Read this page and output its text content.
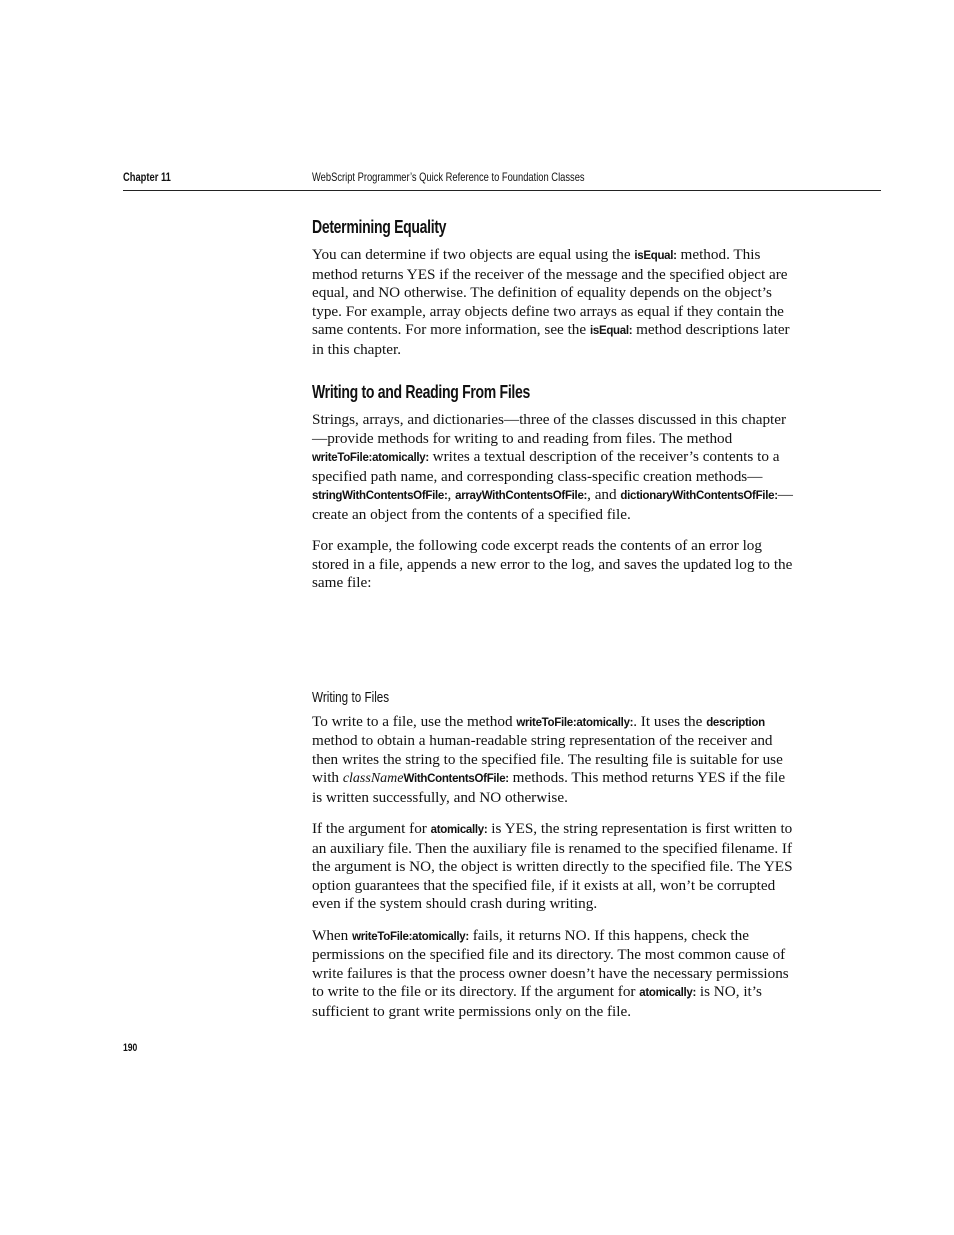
Chapter 11	WebScript Programmer’s Quick Reference to Foundation Classes
Determining Equality

You can determine if two objects are equal using the isEqual: method. This method returns YES if the receiver of the message and the specified object are equal, and NO otherwise. The definition of equality depends on the object’s type. For example, array objects define two arrays as equal if they contain the same contents. For more information, see the isEqual: method descriptions later in this chapter.

Writing to and Reading From Files

Strings, arrays, and dictionaries—three of the classes discussed in this chapter—provide methods for writing to and reading from files. The method writeToFile:atomically: writes a textual description of the receiver’s contents to a specified path name, and corresponding class-specific creation methods—stringWithContentsOfFile:, arrayWithContentsOfFile:, and dictionaryWithContentsOfFile:—create an object from the contents of a specified file.

For example, the following code excerpt reads the contents of an error log stored in a file, appends a new error to the log, and saves the updated log to the same file:

Writing to Files

To write to a file, use the method writeToFile:atomically:. It uses the description method to obtain a human-readable string representation of the receiver and then writes the string to the specified file. The resulting file is suitable for use with classNameWithContentsOfFile: methods. This method returns YES if the file is written successfully, and NO otherwise.

If the argument for atomically: is YES, the string representation is first written to an auxiliary file. Then the auxiliary file is renamed to the specified filename. If the argument is NO, the object is written directly to the specified file. The YES option guarantees that the specified file, if it exists at all, won’t be corrupted even if the system should crash during writing.

When writeToFile:atomically: fails, it returns NO. If this happens, check the permissions on the specified file and its directory. The most common cause of write failures is that the process owner doesn’t have the necessary permissions to write to the file or its directory. If the argument for atomically: is NO, it’s sufficient to grant write permissions only on the file.

190
